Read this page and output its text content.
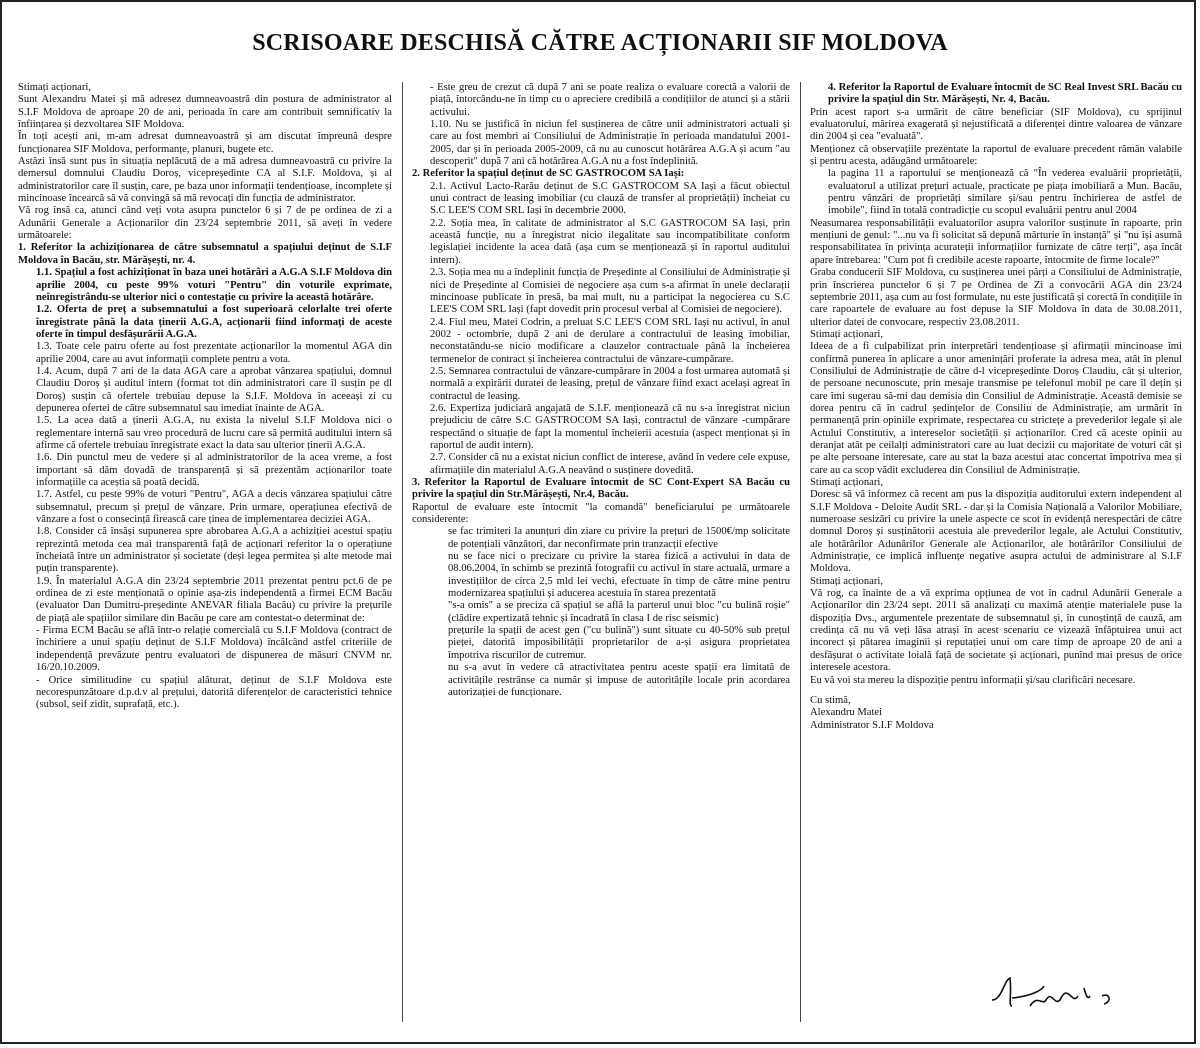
SCRISOARE DESCHISĂ CĂTRE ACȚIONARII SIF MOLDOVA

Stimați acționari,

Sunt Alexandru Matei și mă adresez dumneavoastră din postura de administrator al S.I.F Moldova de aproape 20 de ani, perioada în care am contribuit semnificativ la înființarea și dezvoltarea SIF Moldova.

În toți acești ani, m-am adresat dumneavoastră și am discutat împreună despre funcționarea SIF Moldova, performanțe, planuri, bugete etc.

Astăzi însă sunt pus în situația neplăcută de a mă adresa dumneavoastră cu privire la demersul domnului Claudiu Doroș, vicepreședinte CA al S.I.F. Moldova, și al administratorilor care îl susțin, care, pe baza unor informații tendențioase, incomplete și mincinoase încearcă să vă convingă să mă revocați din funcția de administrator.

Vă rog însă ca, atunci când veți vota asupra punctelor 6 și 7 de pe ordinea de zi a Adunării Generale a Acționarilor din 23/24 septembrie 2011, să aveți în vedere următoarele:

1. Referitor la achiziționarea de către subsemnatul a spațiului deținut de S.I.F Moldova în Bacău, str. Mărășești, nr. 4.

1.1. Spațiul a fost achiziționat în baza unei hotărâri a A.G.A S.I.F Moldova din aprilie 2004, cu peste 99% voturi "Pentru" din voturile exprimate, neînregistrându-se ulterior nici o contestație cu privire la această hotărâre.

1.2. Oferta de preț a subsemnatului a fost superioară celorlalte trei oferte înregistrate până la data ținerii A.G.A, acționarii fiind informați de aceste oferte în timpul desfășurării A.G.A.

1.3. Toate cele patru oferte au fost prezentate acționarilor la momentul AGA din aprilie 2004, care au avut informații complete pentru a vota.

1.4. Acum, după 7 ani de la data AGA care a aprobat vânzarea spațiului, domnul Claudiu Doroș și auditul intern (format tot din administratori care îl susțin pe dl Doroș) susțin că ofertele trebuiau depuse la S.I.F. Moldova în aceeași zi cu depunerea ofertei de către subsemnatul sau imediat înainte de AGA.

1.5. La acea dată a ținerii A.G.A, nu exista la nivelul S.I.F Moldova nici o reglementare internă sau vreo procedură de lucru care să permită auditului intern să afirme că ofertele trebuiau înregistrate exact la data sau ulterior ținerii A.G.A.

1.6. Din punctul meu de vedere și al administratorilor de la acea vreme, a fost important să dăm dovadă de transparență și să prezentăm acționarilor toate informațiile ca aceștia să poată decidă.

1.7. Astfel, cu peste 99% de voturi "Pentru", AGA a decis vânzarea spațiului către subsemnatul, precum și prețul de vânzare. Prin urmare, operațiunea efectivă de vânzare a fost o consecință firească care ținea de implementarea deciziei AGA.

1.8. Consider că însăși supunerea spre abrobarea A.G.A a achiziției acestui spațiu reprezintă metoda cea mai transparentă față de acționari referitor la o operațiune încheiată între un administrator și societate (deși legea permitea și alte metode mai puțin transparente).

1.9. În materialul A.G.A din 23/24 septembrie 2011 prezentat pentru pct.6 de pe ordinea de zi este menționată o opinie așa-zis independentă a firmei ECM Bacău (evaluator Dan Dumitru-președinte ANEVAR filiala Bacău) cu privire la prețurile de piață ale spațiilor similare din Bacău pe care am contestat-o determinat de:

- Firma ECM Bacău se află într-o relație comercială cu S.I.F Moldova (contract de închiriere a unui spațiu deținut de S.I.F Moldova) încălcând astfel criteriile de independență prevăzute pentru evaluatori de dispunerea de măsuri CNVM nr. 16/20.10.2009.

- Orice similitudine cu spațiul alăturat, deținut de S.I.F Moldova este necorespunzătoare d.p.d.v al prețului, datorită diferențelor de caracteristici tehnice (subsol, seif zidit, suprafață, etc.).

- Este greu de crezut că după 7 ani se poate realiza o evaluare corectă a valorii de piață, întorcându-ne în timp cu o apreciere credibilă a condițiilor de atunci și a stării activului.

1.10. Nu se justifică în niciun fel susținerea de către unii administratori actuali și care au fost membri ai Consiliului de Administrație în perioada mandatului 2001-2005, dar și în perioada 2005-2009, că nu au cunoscut hotărârea A.G.A și acum "au descoperit" după 7 ani că hotărârea A.G.A nu a fost îndeplinită.

2. Referitor la spațiul deținut de SC GASTROCOM SA Iași:

2.1. Activul Lacto-Rarău deținut de S.C GASTROCOM SA Iași a făcut obiectul unui contract de leasing imobiliar (cu clauză de transfer al proprietății) încheiat cu S.C LEE'S COM SRL Iași în decembrie 2000.

2.2. Soția mea, în calitate de administrator al S.C GASTROCOM SA Iași, prin această funcție, nu a înregistrat nicio ilegalitate sau incompatibilitate conform legislației incidente la acea dată (așa cum se menționează și în raportul auditului intern).

2.3. Soția mea nu a îndeplinit funcția de Președinte al Consiliului de Administrație și nici de Președinte al Comisiei de negociere așa cum s-a afirmat în unele declarații mincinoase publicate în presă, ba mai mult, nu a participat la negocierea cu S.C LEE'S COM SRL Iași (fapt dovedit prin procesul verbal al Comisiei de negociere).

2.4. Fiul meu, Matei Codrin, a preluat S.C LEE'S COM SRL Iași nu activul, în anul 2002 - octombrie, după 2 ani de derulare a contractului de leasing imobiliar, neconstatându-se nicio modificare a clauzelor contractuale până la încheierea termenelor de contract și încheierea contractului de vânzare-cumpărare.

2.5. Semnarea contractului de vânzare-cumpărare în 2004 a fost urmarea automată și normală a expirării duratei de leasing, prețul de vânzare fiind exact același agreat în contractul de leasing.

2.6. Expertiza judiciară angajată de S.I.F. menționează că nu s-a înregistrat niciun prejudiciu de către S.C GASTROCOM SA Iași, contractul de vânzare -cumpărare respectând o situație de fapt la momentul încheierii acestuia (aspect menționat și în raportul de audit intern).

2.7. Consider că nu a existat niciun conflict de interese, având în vedere cele expuse, afirmațiile din materialul A.G.A neavând o susținere dovedită.

3. Referitor la Raportul de Evaluare întocmit de SC Cont-Expert SA Bacău cu privire la spațiul din Str.Mărășești, Nr.4, Bacău.

Raportul de evaluare este întocmit "la comandă" beneficiarului pe următoarele considerente:

se fac trimiteri la anunțuri din ziare cu privire la prețuri de 1500€/mp solicitate de potențiali vânzători, dar neconfirmate prin tranzacții efective

nu se face nici o precizare cu privire la starea fizică a activului în data de 08.06.2004, în schimb se prezintă fotografii cu activul în stare actuală, urmare a investițiilor de circa 2,5 mld lei vechi, efectuate în timp de către mine pentru modernizarea spațiului și aducerea acestuia în starea prezentată

"s-a omis" a se preciza că spațiul se află la parterul unui bloc "cu bulină roșie" (clădire expertizată tehnic și încadrată în clasa I de risc seismic)

prețurile la spații de acest gen ("cu bulină") sunt situate cu 40-50% sub prețul pieței, datorită imposibilității proprietarilor de a-și asigura proprietatea împotriva riscurilor de cutremur.

nu s-a avut în vedere că atractivitatea pentru aceste spații era limitată de activitățile restrânse ca număr și impuse de autoritățile locale prin acordarea autorizației de funcționare.

4. Referitor la Raportul de Evaluare întocmit de SC Real Invest SRL Bacău cu privire la spațiul din Str. Mărășești, Nr. 4, Bacău.

Prin acest raport s-a urmărit de către beneficiar (SIF Moldova), cu sprijinul evaluatorului, mărirea exagerată și nejustificată a diferenței dintre valoarea de vânzare din 2004 și cea "evaluată".

Menționez că observațiile prezentate la raportul de evaluare precedent rămân valabile și pentru acesta, adăugând următoarele:

la pagina 11 a raportului se menționează că "În vederea evaluării proprietății, evaluatorul a utilizat prețuri actuale, practicate pe piața imobiliară a Mun. Bacău, pentru vânzări de proprietăți similare și/sau pentru închirierea de astfel de imobile", fiind în totală contradicție cu scopul evaluării pentru anul 2004

Neasumarea responsabilității evaluatorilor asupra valorilor susținute în rapoarte, prin mențiuni de genul: "...nu va fi solicitat să depună mărturie în instanță" și "nu își asumă responsabilitatea în privința acurateții informațiilor furnizate de către terți", așa încât apare întrebarea: "Cum pot fi credibile aceste rapoarte, întocmite de firme locale?"

Graba conducerii SIF Moldova, cu susținerea unei părți a Consiliului de Administrație, prin înscrierea punctelor 6 și 7 pe Ordinea de Zi a convocării AGA din 23/24 septembrie 2011, așa cum au fost formulate, nu este justificată și corectă în condițiile în care rapoartele de evaluare au fost depuse la SIF Moldova în data de 30.08.2011, ulterior datei de convocare, respectiv 23.08.2011.

Stimați acționari,

Ideea de a fi culpabilizat prin interpretări tendențioase și afirmații mincinoase îmi confirmă punerea în aplicare a unor amenințări proferate la adresa mea, atât în plenul Consiliului de Administrație de către d-l vicepreședinte Doroș Claudiu, cât și ulterior, de persoane necunoscute, prin mesaje transmise pe telefonul mobil pe care îl dețin și care îmi sugerau să-mi dau demisia din Consiliul de Administrație. Această demisie se dorea pentru că în cadrul ședințelor de Consiliu de Administrație, am urmărit în permanență prin opiniile exprimate, respectarea cu strictețe a prevederilor legale și ale Actului Constitutiv, a intereselor societății și acționarilor. Cred că aceste opinii au deranjat atât pe ceilalți administratori care au luat decizii cu majoritate de voturi cât și pe alte persoane interesate, care au stat la baza acestui atac concertat împotriva mea și care au ca scop vădit excluderea din Consiliul de Administrație.

Stimați acționari,

Doresc să vă informez că recent am pus la dispoziția auditorului extern independent al S.I.F Moldova - Deloite Audit SRL - dar și la Comisia Națională a Valorilor Mobiliare, numeroase sesizări cu privire la unele aspecte ce scot în evidență nerespectări de către domnul Doroș și susținătorii acestuia ale prevederilor legale, ale Actului Constitutiv, ale hotărârilor Adunărilor Generale ale Acționarilor, ale hotărârilor Consiliului de Administrație, ce implică influențe negative asupra actului de administrare al S.I.F Moldova.

Stimați acționari,

Vă rog, ca înainte de a vă exprima opțiunea de vot în cadrul Adunării Generale a Acționarilor din 23/24 sept. 2011 să analizați cu maximă atenție materialele puse la dispoziția Dvs., argumentele prezentate de subsemnatul și, în cunoștință de cauză, am credința că nu vă veți lăsa atrași în acest scenariu ce vizează înfăptuirea unui act incorect și pătarea imaginii și reputației unui om care timp de aproape 20 de ani a desfășurat o activitate loială față de societate și acționari, punînd mai presus de orice interesele acestora.

Eu vă voi sta mereu la dispoziție pentru informații și/sau clarificări necesare.

Cu stimă,

Alexandru Matei

Administrator S.I.F Moldova
